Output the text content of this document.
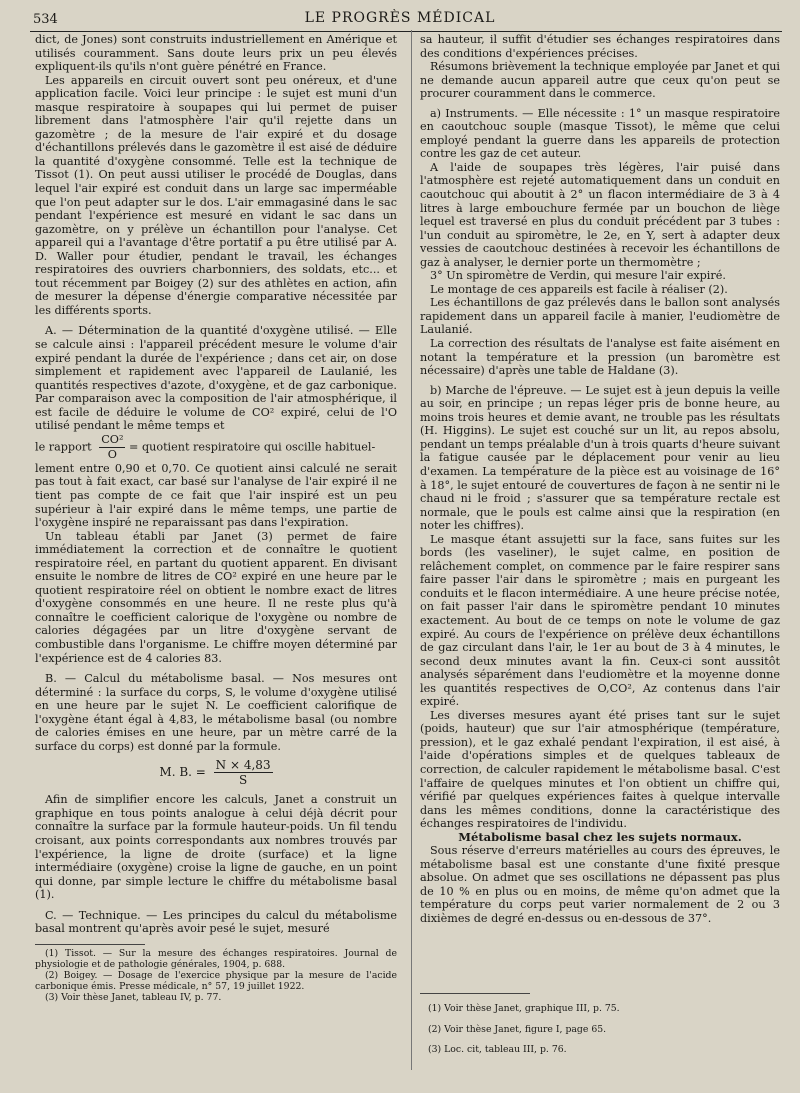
534	LE PROGRÈS MÉDICAL

dict, de Jones) sont construits industriellement en Amérique et utilisés couramment. Sans doute leurs prix un peu élevés expliquent-ils qu'ils n'ont guère pénétré en France.

Les appareils en circuit ouvert sont peu onéreux, et d'une application facile. Voici leur principe : le sujet est muni d'un masque respiratoire à soupapes qui lui permet de puiser librement dans l'atmosphère l'air qu'il rejette dans un gazomètre ; de la mesure de l'air expiré et du dosage d'échantillons prélevés dans le gazomètre il est aisé de déduire la quantité d'oxygène consommé. Telle est la technique de Tissot (1). On peut aussi utiliser le procédé de Douglas, dans lequel l'air expiré est conduit dans un large sac imperméable que l'on peut adapter sur le dos. L'air emmagasiné dans le sac pendant l'expérience est mesuré en vidant le sac dans un gazomètre, on y prélève un échantillon pour l'analyse. Cet appareil qui a l'avantage d'être portatif a pu être utilisé par A. D. Waller pour étudier, pendant le travail, les échanges respiratoires des ouvriers charbonniers, des soldats, etc... et tout récemment par Boigey (2) sur des athlètes en action, afin de mesurer la dépense d'énergie comparative nécessitée par les différents sports.

A. — Détermination de la quantité d'oxygène utilisé. — Elle se calcule ainsi : l'appareil précédent mesure le volume d'air expiré pendant la durée de l'expérience ; dans cet air, on dose simplement et rapidement avec l'appareil de Laulanié, les quantités respectives d'azote, d'oxygène, et de gaz carbonique. Par comparaison avec la composition de l'air atmosphérique, il est facile de déduire le volume de CO² expiré, celui de l'O utilisé pendant le même temps et

le rapport $\frac{\text{CO²}}{O}$ = quotient respiratoire qui oscille habituel-

lement entre 0,90 et 0,70. Ce quotient ainsi calculé ne serait pas tout à fait exact, car basé sur l'analyse de l'air expiré il ne tient pas compte de ce fait que l'air inspiré est un peu supérieur à l'air expiré dans le même temps, une partie de l'oxygène inspiré ne reparaissant pas dans l'expiration.

Un tableau établi par Janet (3) permet de faire immédiatement la correction et de connaître le quotient respiratoire réel, en partant du quotient apparent. En divisant ensuite le nombre de litres de CO² expiré en une heure par le quotient respiratoire réel on obtient le nombre exact de litres d'oxygène consommés en une heure. Il ne reste plus qu'à connaître le coefficient calorique de l'oxygène ou nombre de calories dégagées par un litre d'oxygène servant de combustible dans l'organisme. Le chiffre moyen déterminé par l'expérience est de 4 calories 83.

B. — Calcul du métabolisme basal. — Nos mesures ont déterminé : la surface du corps, S, le volume d'oxygène utilisé en une heure par le sujet N. Le coefficient calorifique de l'oxygène étant égal à 4,83, le métabolisme basal (ou nombre de calories émises en une heure, par un mètre carré de la surface du corps) est donné par la formule.

M. B. = $\frac{N \times 4,83}{S}$

Afin de simplifier encore les calculs, Janet a construit un graphique en tous points analogue à celui déjà décrit pour connaître la surface par la formule hauteur-poids. Un fil tendu croisant, aux points correspondants aux nombres trouvés par l'expérience, la ligne de droite (surface) et la ligne intermédiaire (oxygène) croise la ligne de gauche, en un point qui donne, par simple lecture le chiffre du métabolisme basal (1).

C. — Technique. — Les principes du calcul du métabolisme basal montrent qu'après avoir pesé le sujet, mesuré

(1) Tissot. — Sur la mesure des échanges respiratoires. Journal de physiologie et de pathologie générales, 1904, p. 688.

(2) Boigey. — Dosage de l'exercice physique par la mesure de l'acide carbonique émis. Presse médicale, n° 57, 19 juillet 1922.

(3) Voir thèse Janet, tableau IV, p. 77.

sa hauteur, il suffit d'étudier ses échanges respiratoires dans des conditions d'expériences précises.

Résumons brièvement la technique employée par Janet et qui ne demande aucun appareil autre que ceux qu'on peut se procurer couramment dans le commerce.

a) Instruments. — Elle nécessite : 1° un masque respiratoire en caoutchouc souple (masque Tissot), le même que celui employé pendant la guerre dans les appareils de protection contre les gaz de cet auteur.

A l'aide de soupapes très légères, l'air puisé dans l'atmosphère est rejeté automatiquement dans un conduit en caoutchouc qui aboutit à 2° un flacon intermédiaire de 3 à 4 litres à large embouchure fermée par un bouchon de liège lequel est traversé en plus du conduit précédent par 3 tubes : l'un conduit au spiromètre, le 2e, en Y, sert à adapter deux vessies de caoutchouc destinées à recevoir les échantillons de gaz à analyser, le dernier porte un thermomètre ;

3° Un spiromètre de Verdin, qui mesure l'air expiré.

Le montage de ces appareils est facile à réaliser (2).

Les échantillons de gaz prélevés dans le ballon sont analysés rapidement dans un appareil facile à manier, l'eudiomètre de Laulanié.

La correction des résultats de l'analyse est faite aisément en notant la température et la pression (un baromètre est nécessaire) d'après une table de Haldane (3).

b) Marche de l'épreuve. — Le sujet est à jeun depuis la veille au soir, en principe ; un repas léger pris de bonne heure, au moins trois heures et demie avant, ne trouble pas les résultats (H. Higgins). Le sujet est couché sur un lit, au repos absolu, pendant un temps préalable d'un à trois quarts d'heure suivant la fatigue causée par le déplacement pour venir au lieu d'examen. La température de la pièce est au voisinage de 16° à 18°, le sujet entouré de couvertures de façon à ne sentir ni le chaud ni le froid ; s'assurer que sa température rectale est normale, que le pouls est calme ainsi que la respiration (en noter les chiffres).

Le masque étant assujetti sur la face, sans fuites sur les bords (les vaseliner), le sujet calme, en position de relâchement complet, on commence par le faire respirer sans faire passer l'air dans le spiromètre ; mais en purgeant les conduits et le flacon intermédiaire. A une heure précise notée, on fait passer l'air dans le spiromètre pendant 10 minutes exactement. Au bout de ce temps on note le volume de gaz expiré. Au cours de l'expérience on prélève deux échantillons de gaz circulant dans l'air, le 1er au bout de 3 à 4 minutes, le second deux minutes avant la fin. Ceux-ci sont aussitôt analysés séparément dans l'eudiomètre et la moyenne donne les quantités respectives de O,CO², Az contenus dans l'air expiré.

Les diverses mesures ayant été prises tant sur le sujet (poids, hauteur) que sur l'air atmosphérique (température, pression), et le gaz exhalé pendant l'expiration, il est aisé, à l'aide d'opérations simples et de quelques tableaux de correction, de calculer rapidement le métabolisme basal. C'est l'affaire de quelques minutes et l'on obtient un chiffre qui, vérifié par quelques expériences faites à quelque intervalle dans les mêmes conditions, donne la caractéristique des échanges respiratoires de l'individu.

Métabolisme basal chez les sujets normaux.

Sous réserve d'erreurs matérielles au cours des épreuves, le métabolisme basal est une constante d'une fixité presque absolue. On admet que ses oscillations ne dépassent pas plus de 10 % en plus ou en moins, de même qu'on admet que la température du corps peut varier normalement de 2 ou 3 dixièmes de degré en-dessus ou en-dessous de 37°.

(1) Voir thèse Janet, graphique III, p. 75.

(2) Voir thèse Janet, figure I, page 65.

(3) Loc. cit, tableau III, p. 76.
